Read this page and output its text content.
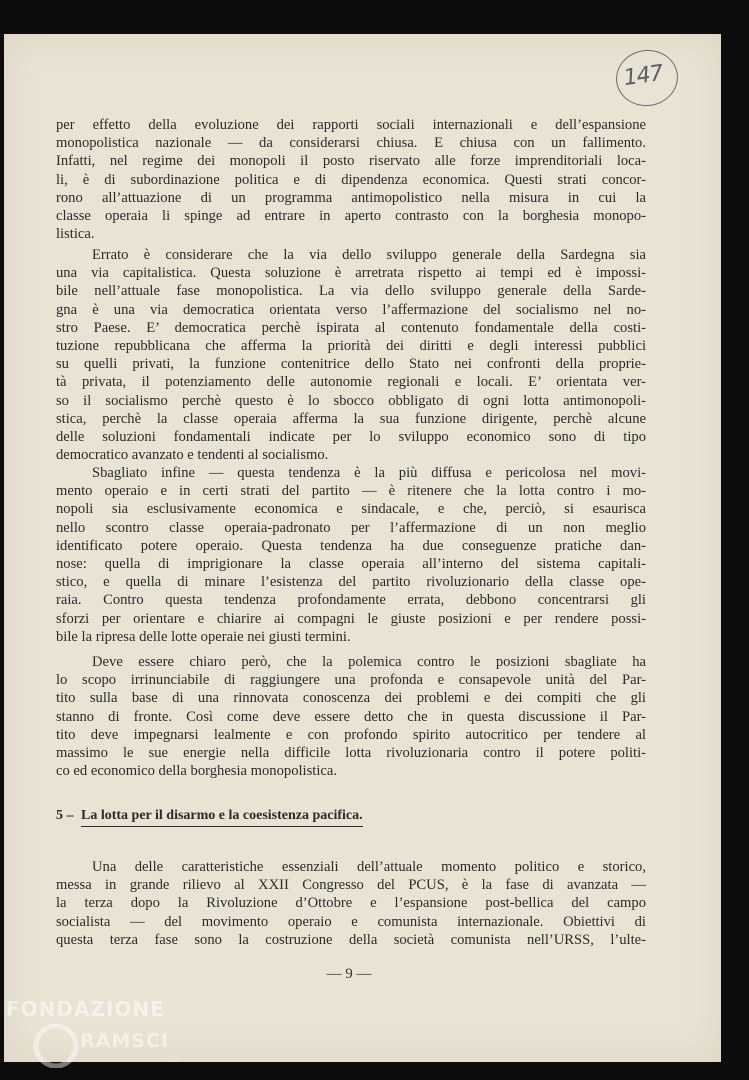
147
per effetto della evoluzione dei rapporti sociali internazionali e dell’espansione
monopolistica nazionale — da considerarsi chiusa. E chiusa con un fallimento.
Infatti, nel regime dei monopoli il posto riservato alle forze imprenditoriali loca-
li, è di subordinazione politica e di dipendenza economica. Questi strati concor-
rono all’attuazione di un programma antimopolistico nella misura in cui la
classe operaia li spinge ad entrare in aperto contrasto con la borghesia monopo-
listica.
Errato è considerare che la via dello sviluppo generale della Sardegna sia
una via capitalistica. Questa soluzione è arretrata rispetto ai tempi ed è impossi-
bile nell’attuale fase monopolistica. La via dello sviluppo generale della Sarde-
gna è una via democratica orientata verso l’affermazione del socialismo nel no-
stro Paese. E’ democratica perchè ispirata al contenuto fondamentale della costi-
tuzione repubblicana che afferma la priorità dei diritti e degli interessi pubblici
su quelli privati, la funzione contenitrice dello Stato nei confronti della proprie-
tà privata, il potenziamento delle autonomie regionali e locali. E’ orientata ver-
so il socialismo perchè questo è lo sbocco obbligato di ogni lotta antimonopoli-
stica, perchè la classe operaia afferma la sua funzione dirigente, perchè alcune
delle soluzioni fondamentali indicate per lo sviluppo economico sono di tipo
democratico avanzato e tendenti al socialismo.
Sbagliato infine — questa tendenza è la più diffusa e pericolosa nel movi-
mento operaio e in certi strati del partito — è ritenere che la lotta contro i mo-
nopoli sia esclusivamente economica e sindacale, e che, perciò, si esaurisca
nello scontro classe operaia-padronato per l’affermazione di un non meglio
identificato potere operaio. Questa tendenza ha due conseguenze pratiche dan-
nose: quella di imprigionare la classe operaia all’interno del sistema capitali-
stico, e quella di minare l’esistenza del partito rivoluzionario della classe ope-
raia. Contro questa tendenza profondamente errata, debbono concentrarsi gli
sforzi per orientare e chiarire ai compagni le giuste posizioni e per rendere possi-
bile la ripresa delle lotte operaie nei giusti termini.
Deve essere chiaro però, che la polemica contro le posizioni sbagliate ha
lo scopo irrinunciabile di raggiungere una profonda e consapevole unità del Par-
tito sulla base di una rinnovata conoscenza dei problemi e dei compiti che gli
stanno di fronte. Così come deve essere detto che in questa discussione il Par-
tito deve impegnarsi lealmente e con profondo spirito autocritico per tendere al
massimo le sue energie nella difficile lotta rivoluzionaria contro il potere politi-
co ed economico della borghesia monopolistica.
5 – La lotta per il disarmo e la coesistenza pacifica.
Una delle caratteristiche essenziali dell’attuale momento politico e storico,
messa in grande rilievo al XXII Congresso del PCUS, è la fase di avanzata —
la terza dopo la Rivoluzione d’Ottobre e l’espansione post-bellica del campo
socialista — del movimento operaio e comunista internazionale. Obiettivi di
questa terza fase sono la costruzione della società comunista nell’URSS, l’ulte-
— 9 —
FONDAZIONE
RAMSCI
onlus
